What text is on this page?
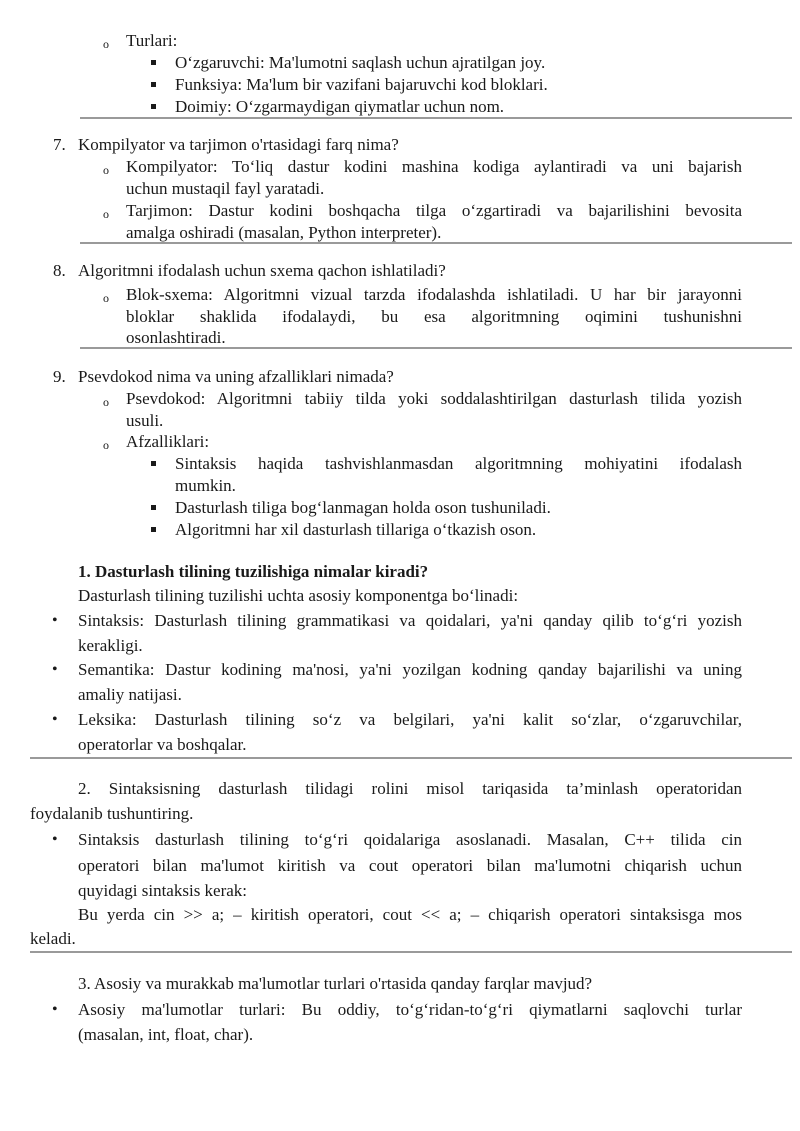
o Turlari:
O‘zgaruvchi: Ma'lumotni saqlash uchun ajratilgan joy.
Funksiya: Ma'lum bir vazifani bajaruvchi kod bloklari.
Doimiy: O‘zgarmaydigan qiymatlar uchun nom.
7. Kompilyator va tarjimon o'rtasidagi farq nima?
o Kompilyator: To‘liq dastur kodini mashina kodiga aylantiradi va uni bajarish
uchun mustaqil fayl yaratadi.
o Tarjimon: Dastur kodini boshqacha tilga o‘zgartiradi va bajarilishini bevosita
amalga oshiradi (masalan, Python interpreter).
8. Algoritmni ifodalash uchun sxema qachon ishlatiladi?
o Blok-sxema: Algoritmni vizual tarzda ifodalashda ishlatiladi. U har bir jarayonni
bloklar shaklida ifodalaydi, bu esa algoritmning oqimini tushunishni
osonlashtiradi.
9. Psevdokod nima va uning afzalliklari nimada?
o Psevdokod: Algoritmni tabiiy tilda yoki soddalashtirilgan dasturlash tilida yozish
usuli.
o Afzalliklari:
Sintaksis haqida tashvishlanmasdan algoritmning mohiyatini ifodalash
mumkin.
Dasturlash tiliga bog‘lanmagan holda oson tushuniladi.
Algoritmni har xil dasturlash tillariga o‘tkazish oson.
1. Dasturlash tilining tuzilishiga nimalar kiradi?
Dasturlash tilining tuzilishi uchta asosiy komponentga bo‘linadi:
• Sintaksis: Dasturlash tilining grammatikasi va qoidalari, ya'ni qanday qilib to‘g‘ri yozish
kerakligi.
• Semantika: Dastur kodining ma'nosi, ya'ni yozilgan kodning qanday bajarilishi va uning
amaliy natijasi.
• Leksika: Dasturlash tilining so‘z va belgilari, ya'ni kalit so‘zlar, o‘zgaruvchilar,
operatorlar va boshqalar.
2. Sintaksisning dasturlash tilidagi rolini misol tariqasida ta’minlash operatoridan
foydalanib tushuntiring.
• Sintaksis dasturlash tilining to‘g‘ri qoidalariga asoslanadi. Masalan, C++ tilida cin
operatori bilan ma'lumot kiritish va cout operatori bilan ma'lumotni chiqarish uchun
quyidagi sintaksis kerak:
Bu yerda cin >> a; – kiritish operatori, cout << a; – chiqarish operatori sintaksisga mos
keladi.
3. Asosiy va murakkab ma'lumotlar turlari o'rtasida qanday farqlar mavjud?
• Asosiy ma'lumotlar turlari: Bu oddiy, to‘g‘ridan-to‘g‘ri qiymatlarni saqlovchi turlar
(masalan, int, float, char).
